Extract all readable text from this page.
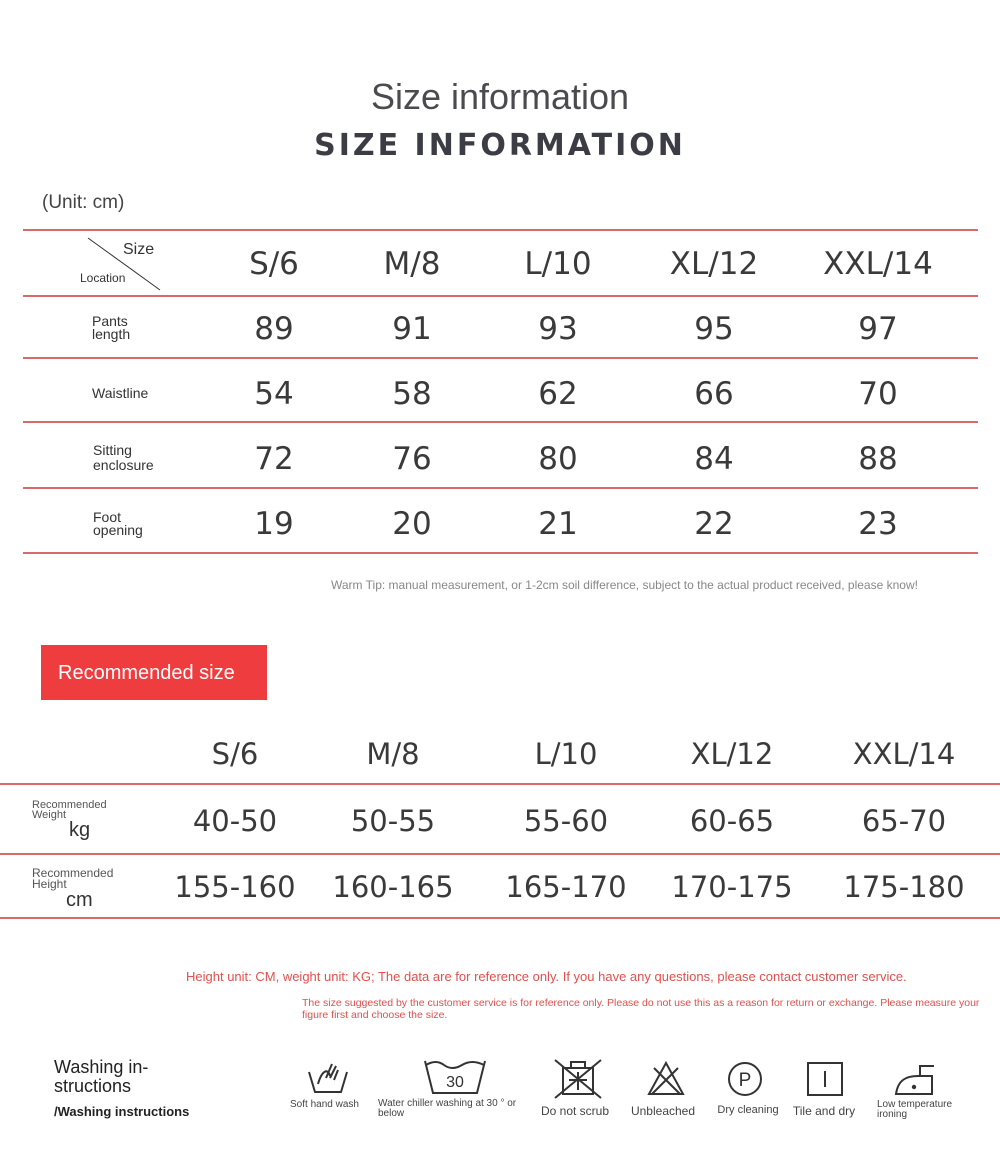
Size information
SIZE INFORMATION
(Unit: cm)
Size
Location	S/6	M/8	L/10	XL/12	XXL/14
Pants
length	89	91	93	95	97
Waistline	54	58	62	66	70
Sitting
enclosure	72	76	80	84	88
Foot
opening	19	20	21	22	23
Warm Tip: manual measurement, or 1-2cm soil difference, subject to the actual product received, please know!
Recommended size
S/6	M/8	L/10	XL/12	XXL/14
Recommended
Weight
kg	40-50	50-55	55-60	60-65	65-70
Recommended
Height
cm	155-160	160-165	165-170	170-175	175-180
Height unit: CM, weight unit: KG; The data are for reference only. If you have any questions, please contact customer service.
The size suggested by the customer service is for reference only. Please do not use this as a reason for return or exchange. Please measure your figure first and choose the size.
Washing in-
structions
/Washing instructions	Soft hand wash
30
Water chiller washing at 30 ° or below	Do not scrub	Unbleached
P
Dry cleaning	Tile and dry	Low temperature ironing
